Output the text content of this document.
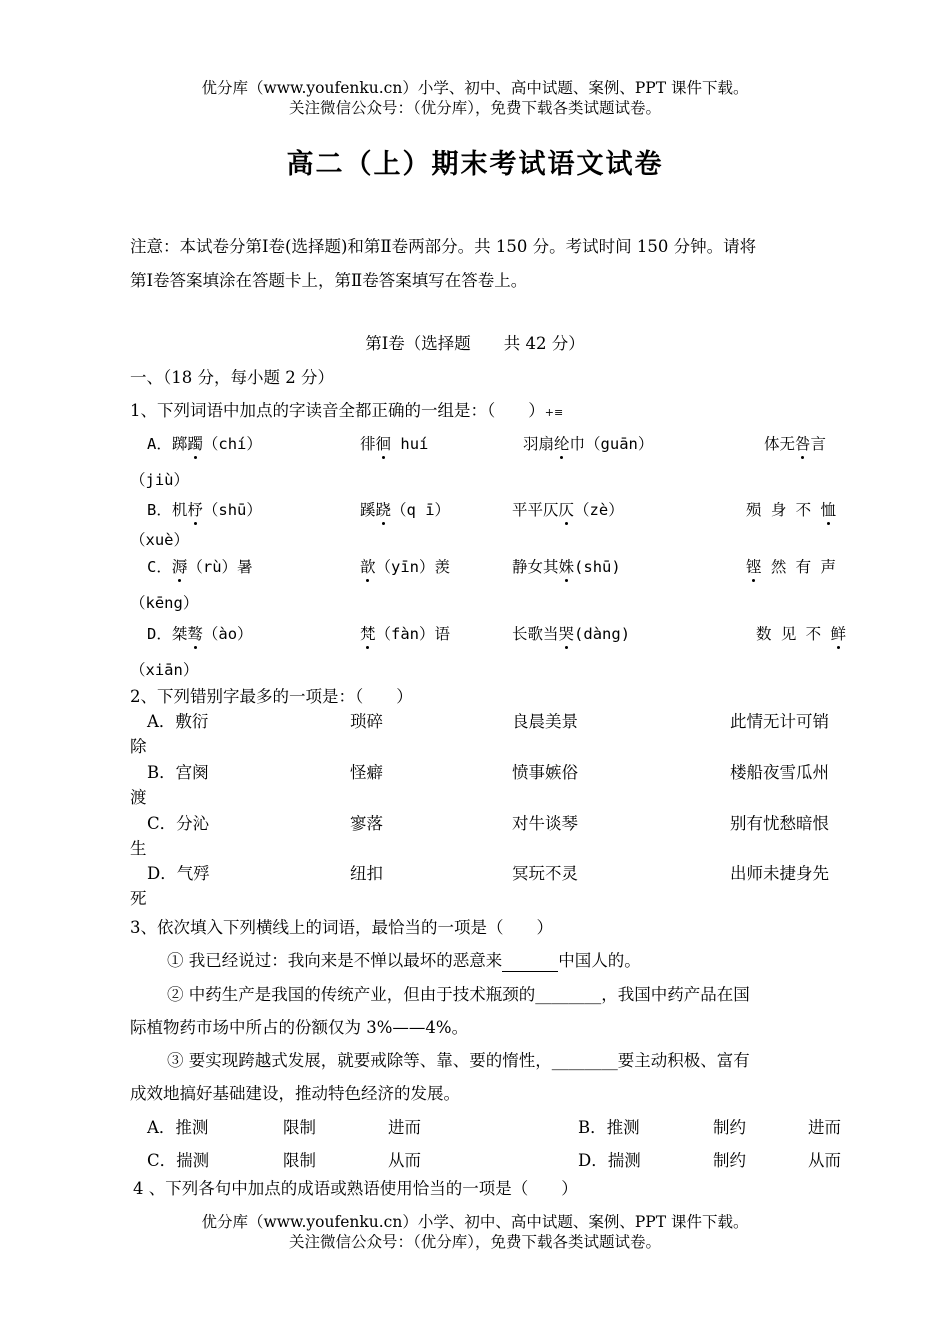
优分库（www.youfenku.cn）小学、初中、高中试题、案例、PPT 课件下载。
关注微信公众号：（优分库），免费下载各类试题试卷。
高二（上）期末考试语文试卷
注意：本试卷分第Ⅰ卷(选择题)和第Ⅱ卷两部分。共 150 分。考试时间 150 分钟。请将
第Ⅰ卷答案填涂在答题卡上，第Ⅱ卷答案填写在答卷上。
第Ⅰ卷（选择题　　共 42 分）
一、（18 分，每小题 2 分）
1、下列词语中加点的字读音全都正确的一组是：（　　）+≡
A．踯躅（chí）	徘徊 huí	羽扇纶巾（guān）	体无咎言
（jiù）
B．机杼（shū）	蹊跷（q ī）	平平仄仄（zè）	殒 身 不 恤
（xuè）
C．溽（rù）暑	歆（yīn）羡	静女其姝(shū)	铿 然 有 声
（kēng）
D．桀骜（ào）	梵（fàn）语	长歌当哭(dàng)	数 见 不 鲜
（xiān）
2、下列错别字最多的一项是：（　　）
A．敷衍	琐碎	良晨美景	此情无计可销
除
B．宫阕	怪癖	愤事嫉俗	楼船夜雪瓜州
渡
C．分沁	寥落	对牛谈琴	别有忧愁暗恨
生
D．气殍	纽扣	冥玩不灵	出师未捷身先
死
3、依次填入下列横线上的词语，最恰当的一项是（　　）
① 我已经说过：我向来是不惮以最坏的恶意来	中国人的。
② 中药生产是我国的传统产业，但由于技术瓶颈的________，我国中药产品在国
际植物药市场中所占的份额仅为 3%——4%。
③ 要实现跨越式发展，就要戒除等、靠、要的惰性，________要主动积极、富有
成效地搞好基础建设，推动特色经济的发展。
A．推测	限制	进而	B．推测	制约	进而
C．揣测	限制	从而	D．揣测	制约	从而
4 、下列各句中加点的成语或熟语使用恰当的一项是（　　）
优分库（www.youfenku.cn）小学、初中、高中试题、案例、PPT 课件下载。
关注微信公众号：（优分库），免费下载各类试题试卷。
